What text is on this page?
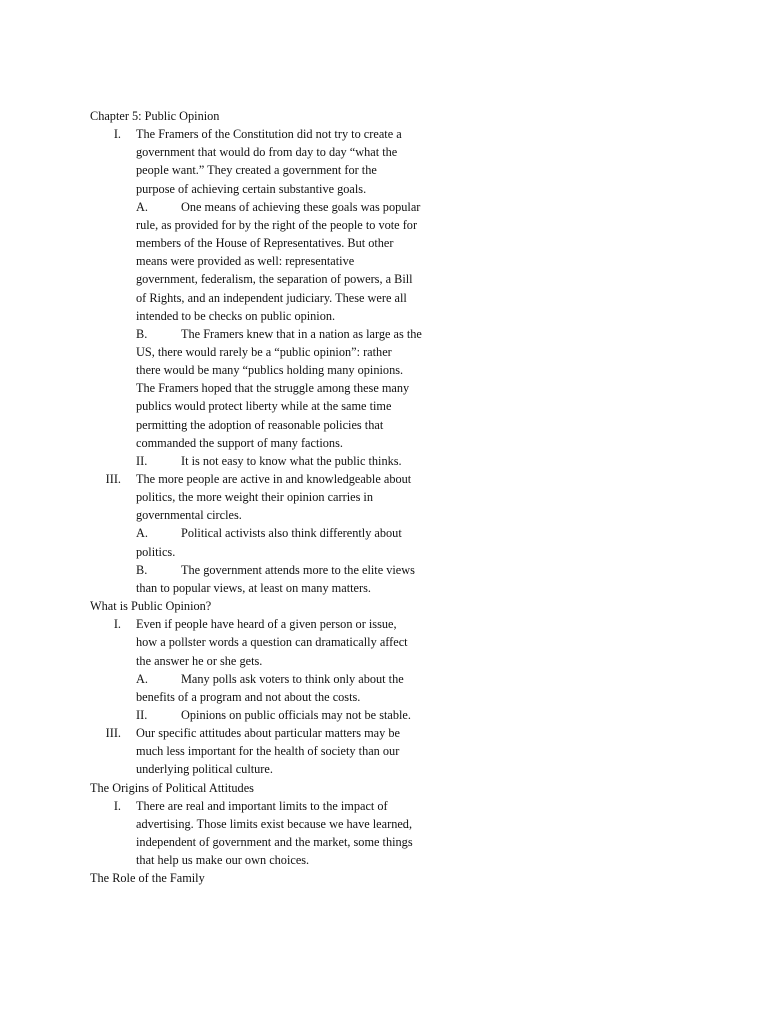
Chapter 5: Public Opinion
I. The Framers of the Constitution did not try to create a
government that would do from day to day “what the
people want.” They created a government for the
purpose of achieving certain substantive goals.
A.	One means of achieving these goals was popular
rule, as provided for by the right of the people to vote for
members of the House of Representatives. But other
means were provided as well: representative
government, federalism, the separation of powers, a Bill
of Rights, and an independent judiciary. These were all
intended to be checks on public opinion.
B.	The Framers knew that in a nation as large as the
US, there would rarely be a “public opinion”: rather
there would be many “publics holding many opinions.
The Framers hoped that the struggle among these many
publics would protect liberty while at the same time
permitting the adoption of reasonable policies that
commanded the support of many factions.
II.	It is not easy to know what the public thinks.
III. The more people are active in and knowledgeable about
politics, the more weight their opinion carries in
governmental circles.
A.	Political activists also think differently about
politics.
B.	The government attends more to the elite views
than to popular views, at least on many matters.
What is Public Opinion?
I. Even if people have heard of a given person or issue,
how a pollster words a question can dramatically affect
the answer he or she gets.
A.	Many polls ask voters to think only about the
benefits of a program and not about the costs.
II.	Opinions on public officials may not be stable.
III. Our specific attitudes about particular matters may be
much less important for the health of society than our
underlying political culture.
The Origins of Political Attitudes
I. There are real and important limits to the impact of
advertising. Those limits exist because we have learned,
independent of government and the market, some things
that help us make our own choices.
The Role of the Family
